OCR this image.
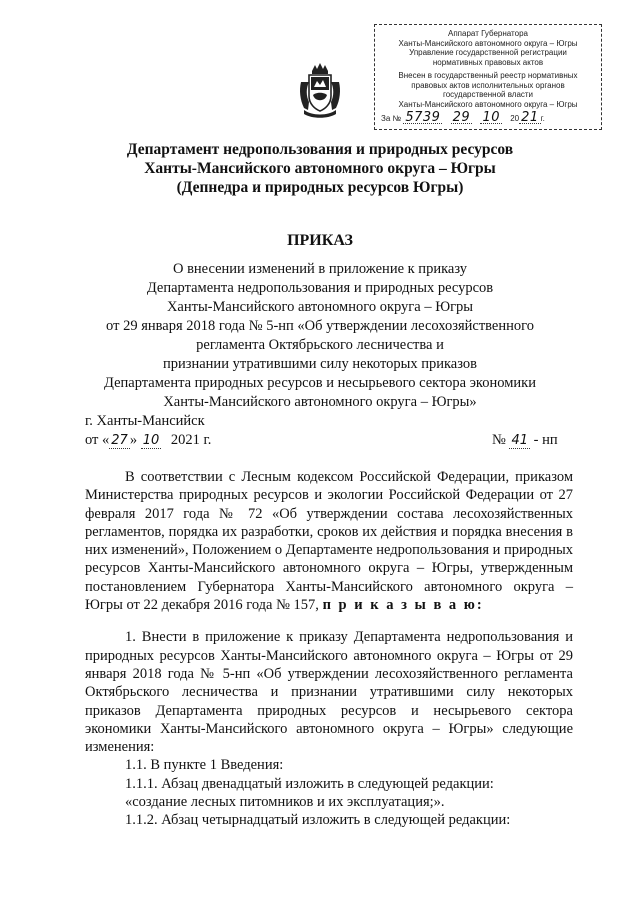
Аппарат Губернатора
Ханты-Мансийского автономного округа – Югры
Управление государственной регистрации
нормативных правовых актов
Внесен в государственный реестр нормативных
правовых актов исполнительных органов
государственной власти
Ханты-Мансийского автономного округа – Югры
За № 5739 29 10 20 21 г.
Департамент недропользования и природных ресурсов
Ханты-Мансийского автономного округа – Югры
(Депнедра и природных ресурсов Югры)
ПРИКАЗ
О внесении изменений в приложение к приказу
Департамента недропользования и природных ресурсов
Ханты-Мансийского автономного округа – Югры
от 29 января 2018 года № 5-нп «Об утверждении лесохозяйственного
регламента Октябрьского лесничества и
признании утратившими силу некоторых приказов
Департамента природных ресурсов и несырьевого сектора экономики
Ханты-Мансийского автономного округа – Югры»
г. Ханты-Мансийск
от « 27 » 10 2021 г.	№ 41 - нп

В соответствии с Лесным кодексом Российской Федерации, приказом Министерства природных ресурсов и экологии Российской Федерации от 27 февраля 2017 года № 72 «Об утверждении состава лесохозяйственных регламентов, порядка их разработки, сроков их действия и порядка внесения в них изменений», Положением о Департаменте недропользования и природных ресурсов Ханты-Мансийского автономного округа – Югры, утвержденным постановлением Губернатора Ханты-Мансийского автономного округа – Югры от 22 декабря 2016 года № 157, п р и к а з ы в а ю:

1. Внести в приложение к приказу Департамента недропользования и природных ресурсов Ханты-Мансийского автономного округа – Югры от 29 января 2018 года № 5-нп «Об утверждении лесохозяйственного регламента Октябрьского лесничества и признании утратившими силу некоторых приказов Департамента природных ресурсов и несырьевого сектора экономики Ханты-Мансийского автономного округа – Югры» следующие изменения:

1.1. В пункте 1 Введения:

1.1.1. Абзац двенадцатый изложить в следующей редакции:

«создание лесных питомников и их эксплуатация;».

1.1.2. Абзац четырнадцатый изложить в следующей редакции:
